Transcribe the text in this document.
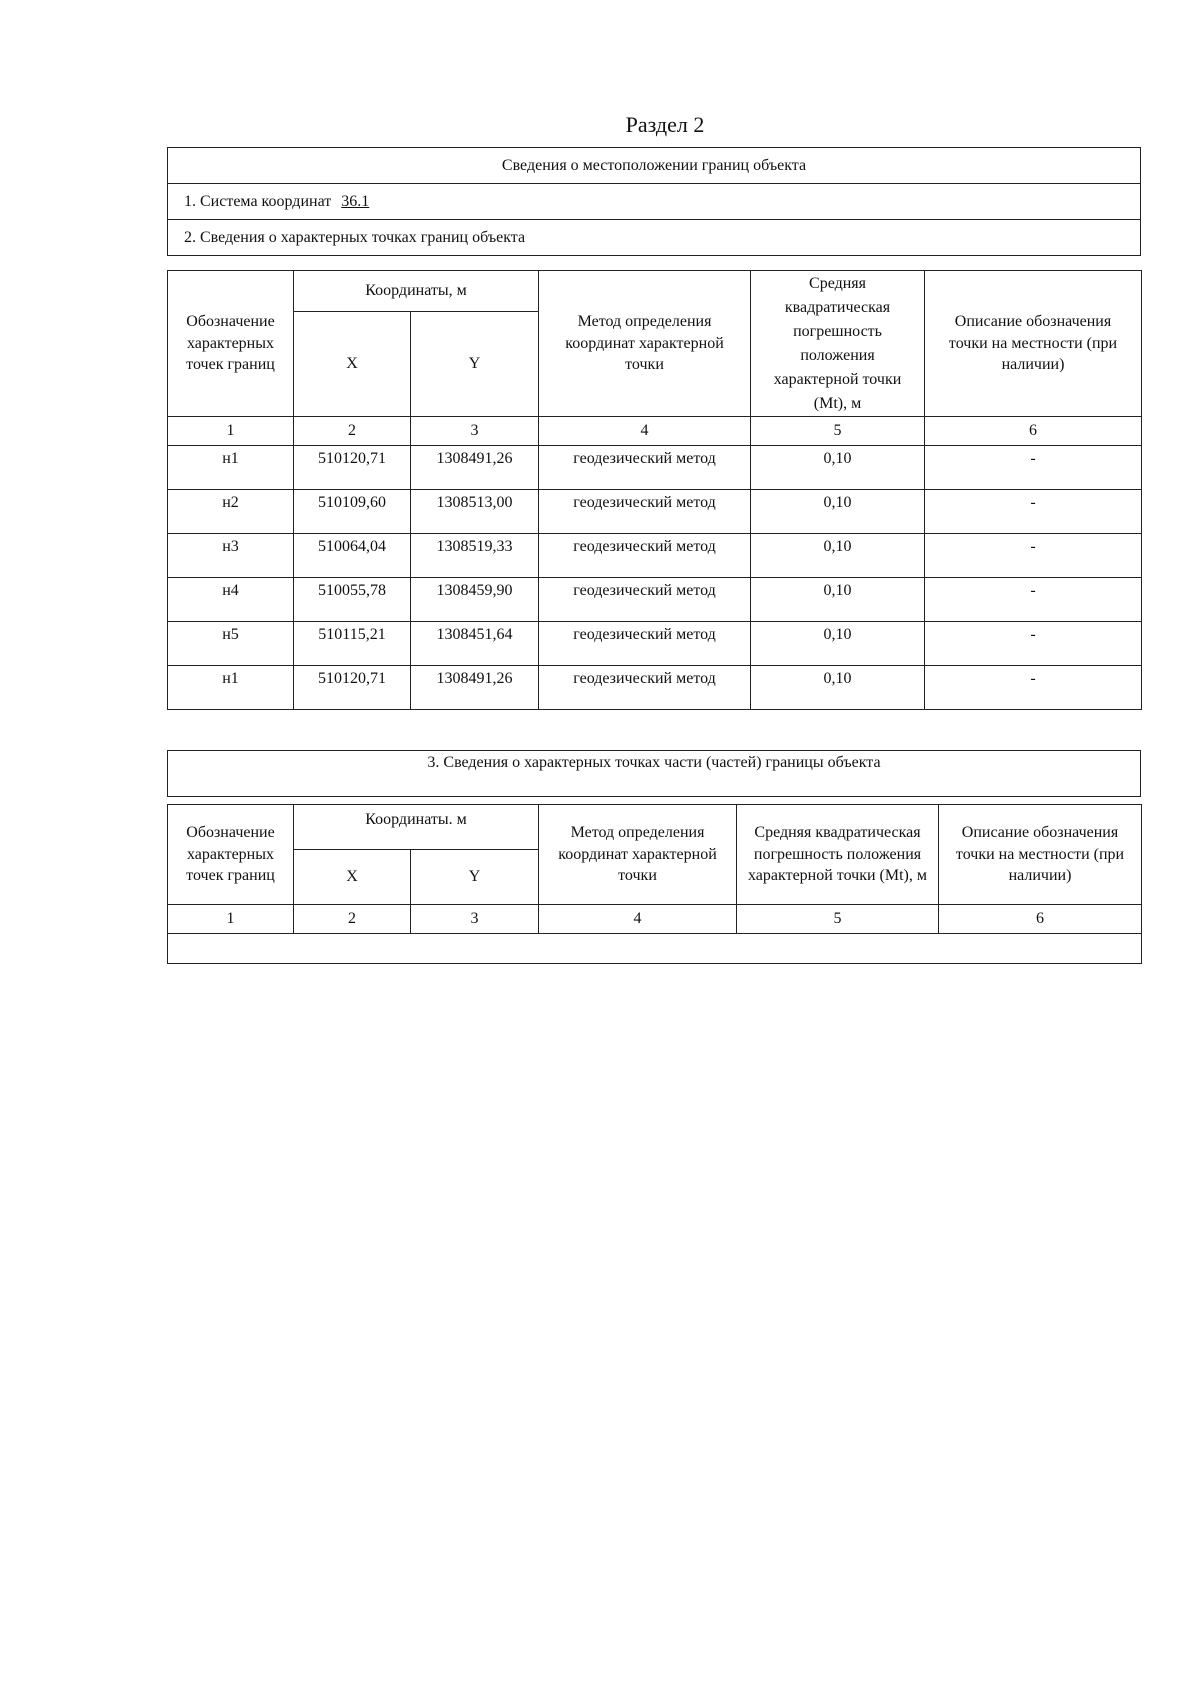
Раздел 2
Сведения о местоположении границ объекта
1. Система координат 36.1
2. Сведения о характерных точках границ объекта
Обозначение характерных точек границ	Координаты, м		Метод определения координат характерной точки	Средняя квадратическая погрешность положения характерной точки (Mt), м	Описание обозначения точки на местности (при наличии)
	X	Y			
1	2	3	4	5	6
н1	510120,71	1308491,26	геодезический метод	0,10	-
н2	510109,60	1308513,00	геодезический метод	0,10	-
н3	510064,04	1308519,33	геодезический метод	0,10	-
н4	510055,78	1308459,90	геодезический метод	0,10	-
н5	510115,21	1308451,64	геодезический метод	0,10	-
н1	510120,71	1308491,26	геодезический метод	0,10	-
3. Сведения о характерных точках части (частей) границы объекта
Обозначение характерных точек границ	Координаты. м		Метод определения координат характерной точки	Средняя квадратическая погрешность положения характерной точки (Mt), м	Описание обозначения точки на местности (при наличии)
	X	Y			
1	2	3	4	5	6
